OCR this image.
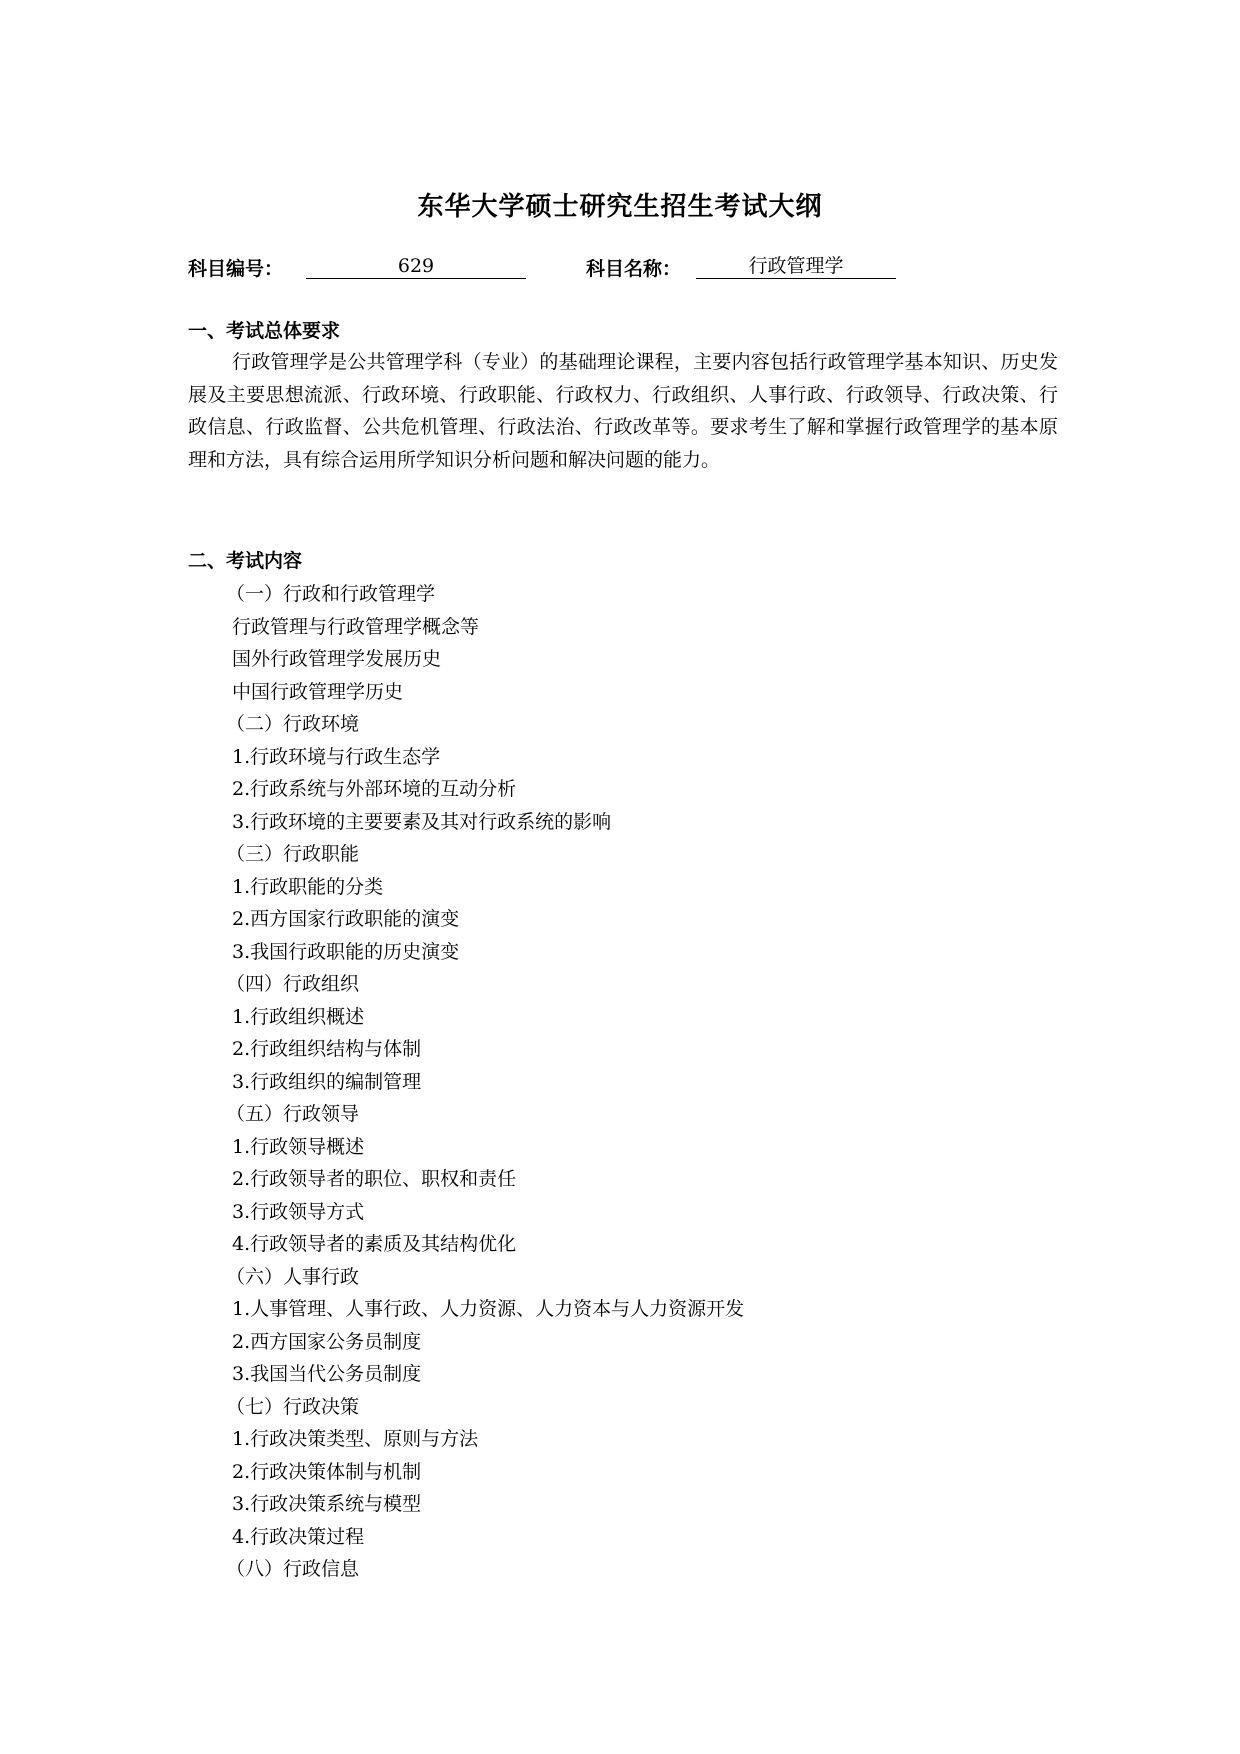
东华大学硕士研究生招生考试大纲
科目编号：	629	科目名称：	行政管理学
一、考试总体要求
行政管理学是公共管理学科（专业）的基础理论课程，主要内容包括行政管理学基本知识、历史发展及主要思想流派、行政环境、行政职能、行政权力、行政组织、人事行政、行政领导、行政决策、行政信息、行政监督、公共危机管理、行政法治、行政改革等。要求考生了解和掌握行政管理学的基本原理和方法，具有综合运用所学知识分析问题和解决问题的能力。
二、考试内容
（一）行政和行政管理学
行政管理与行政管理学概念等
国外行政管理学发展历史
中国行政管理学历史
（二）行政环境
1.行政环境与行政生态学
2.行政系统与外部环境的互动分析
3.行政环境的主要要素及其对行政系统的影响
（三）行政职能
1.行政职能的分类
2.西方国家行政职能的演变
3.我国行政职能的历史演变
（四）行政组织
1.行政组织概述
2.行政组织结构与体制
3.行政组织的编制管理
（五）行政领导
1.行政领导概述
2.行政领导者的职位、职权和责任
3.行政领导方式
4.行政领导者的素质及其结构优化
（六）人事行政
1.人事管理、人事行政、人力资源、人力资本与人力资源开发
2.西方国家公务员制度
3.我国当代公务员制度
（七）行政决策
1.行政决策类型、原则与方法
2.行政决策体制与机制
3.行政决策系统与模型
4.行政决策过程
（八）行政信息
